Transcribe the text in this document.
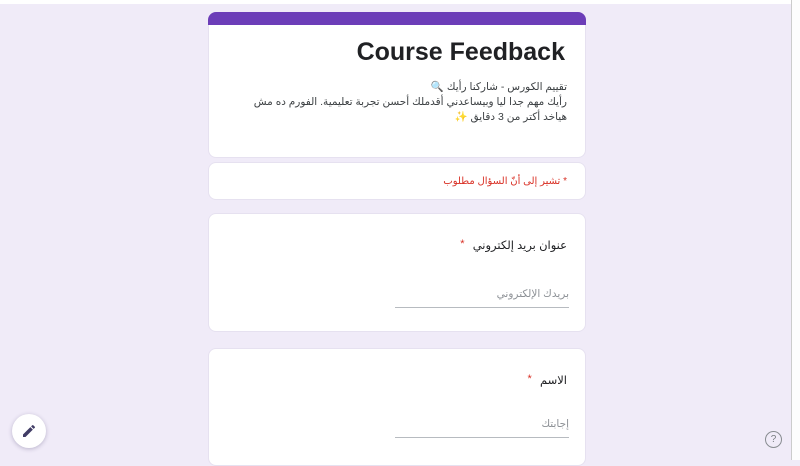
Course Feedback
تقييم الكورس - شاركنا رأيك 🔍
رأيك مهم جدا ليا وبيساعدني أقدملك أحسن تجربة تعليمية. الفورم ده مش هياخد أكتر من 3 دقايق ✨
* تشير إلى أنّ السؤال مطلوب
عنوان بريد إلكتروني *
بريدك الإلكتروني
الاسم *
إجابتك
?
